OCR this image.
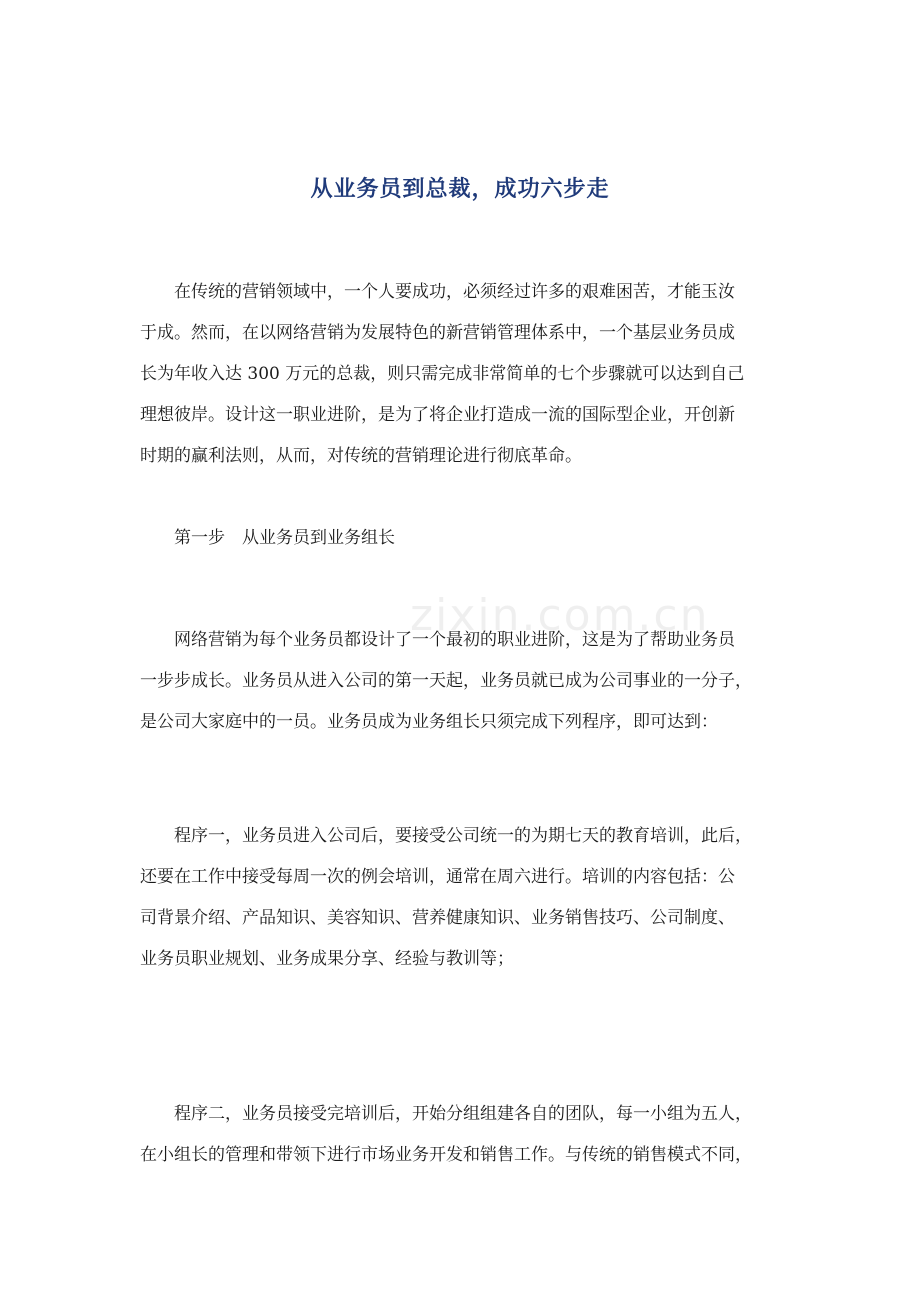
zixin.com.cn
从业务员到总裁，成功六步走
在传统的营销领域中，一个人要成功，必须经过许多的艰难困苦，才能玉汝
于成。然而，在以网络营销为发展特色的新营销管理体系中，一个基层业务员成
长为年收入达 300 万元的总裁，则只需完成非常简单的七个步骤就可以达到自己
理想彼岸。设计这一职业进阶，是为了将企业打造成一流的国际型企业，开创新
时期的赢利法则，从而，对传统的营销理论进行彻底革命。
第一步　从业务员到业务组长
网络营销为每个业务员都设计了一个最初的职业进阶，这是为了帮助业务员
一步步成长。业务员从进入公司的第一天起，业务员就已成为公司事业的一分子，
是公司大家庭中的一员。业务员成为业务组长只须完成下列程序，即可达到：
程序一，业务员进入公司后，要接受公司统一的为期七天的教育培训，此后，
还要在工作中接受每周一次的例会培训，通常在周六进行。培训的内容包括：公
司背景介绍、产品知识、美容知识、营养健康知识、业务销售技巧、公司制度、
业务员职业规划、业务成果分享、经验与教训等；
程序二，业务员接受完培训后，开始分组组建各自的团队，每一小组为五人，
在小组长的管理和带领下进行市场业务开发和销售工作。与传统的销售模式不同，
